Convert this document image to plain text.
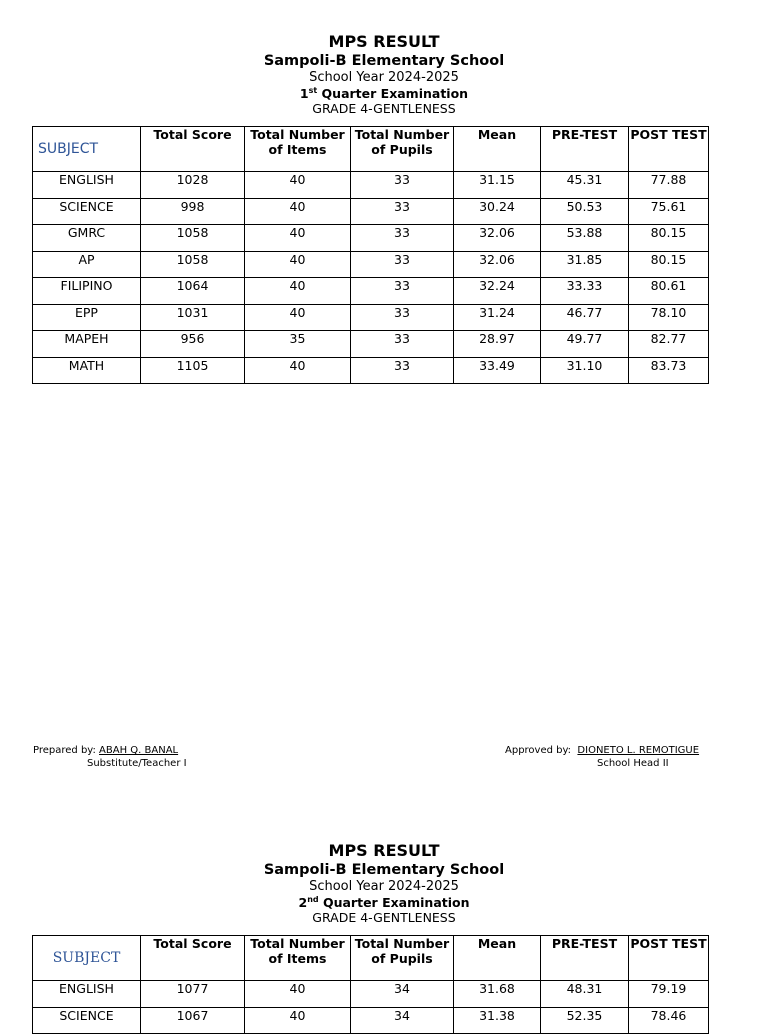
MPS RESULT
Sampoli-B Elementary School
School Year 2024-2025
1st Quarter Examination
GRADE 4-GENTLENESS
SUBJECT	Total Score	Total Number of Items	Total Number of Pupils	Mean	PRE-TEST	POST TEST
ENGLISH	1028	40	33	31.15	45.31	77.88
SCIENCE	998	40	33	30.24	50.53	75.61
GMRC	1058	40	33	32.06	53.88	80.15
AP	1058	40	33	32.06	31.85	80.15
FILIPINO	1064	40	33	32.24	33.33	80.61
EPP	1031	40	33	31.24	46.77	78.10
MAPEH	956	35	33	28.97	49.77	82.77
MATH	1105	40	33	33.49	31.10	83.73
Prepared by: ABAH Q. BANAL
Substitute/Teacher I
Approved by: DIONETO L. REMOTIGUE
School Head II
MPS RESULT
Sampoli-B Elementary School
School Year 2024-2025
2nd Quarter Examination
GRADE 4-GENTLENESS
SUBJECT	Total Score	Total Number of Items	Total Number of Pupils	Mean	PRE-TEST	POST TEST
ENGLISH	1077	40	34	31.68	48.31	79.19
SCIENCE	1067	40	34	31.38	52.35	78.46
